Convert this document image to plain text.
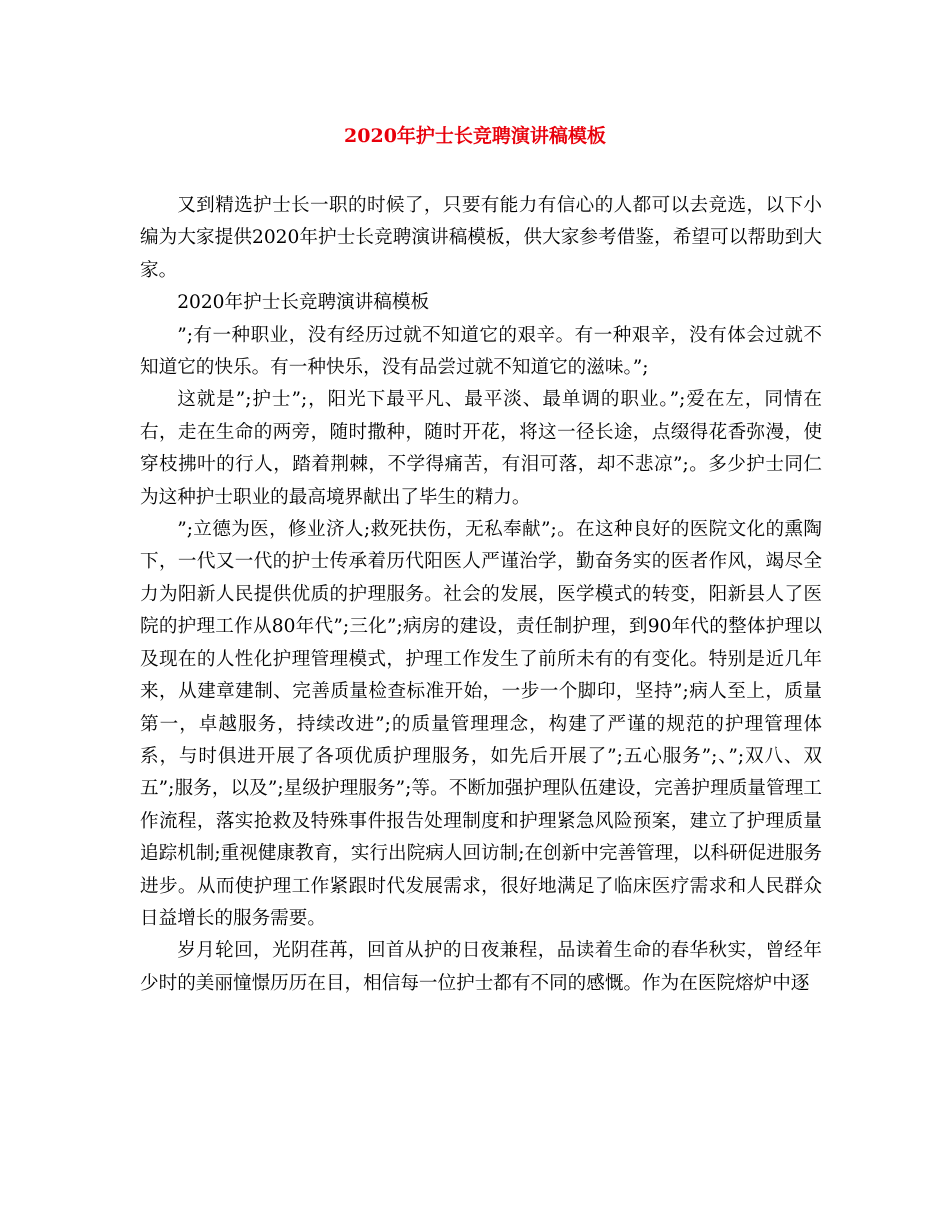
2020年护士长竞聘演讲稿模板

又到精选护士长一职的时候了，只要有能力有信心的人都可以去竞选，以下小编为大家提供2020年护士长竞聘演讲稿模板，供大家参考借鉴，希望可以帮助到大家。

2020年护士长竞聘演讲稿模板

”;有一种职业，没有经历过就不知道它的艰辛。有一种艰辛，没有体会过就不知道它的快乐。有一种快乐，没有品尝过就不知道它的滋味。”;

这就是”;护士”;，阳光下最平凡、最平淡、最单调的职业。”;爱在左，同情在右，走在生命的两旁，随时撒种，随时开花，将这一径长途，点缀得花香弥漫，使穿枝拂叶的行人，踏着荆棘，不学得痛苦，有泪可落，却不悲凉”;。多少护士同仁为这种护士职业的最高境界献出了毕生的精力。

”;立德为医，修业济人;救死扶伤，无私奉献”;。在这种良好的医院文化的熏陶下，一代又一代的护士传承着历代阳医人严谨治学，勤奋务实的医者作风，竭尽全力为阳新人民提供优质的护理服务。社会的发展，医学模式的转变，阳新县人了医院的护理工作从80年代”;三化”;病房的建设，责任制护理，到90年代的整体护理以及现在的人性化护理管理模式，护理工作发生了前所未有的有变化。特别是近几年来，从建章建制、完善质量检查标准开始，一步一个脚印，坚持”;病人至上，质量第一，卓越服务，持续改进”;的质量管理理念，构建了严谨的规范的护理管理体系，与时俱进开展了各项优质护理服务，如先后开展了”;五心服务”;、”;双八、双五”;服务，以及”;星级护理服务”;等。不断加强护理队伍建设，完善护理质量管理工作流程，落实抢救及特殊事件报告处理制度和护理紧急风险预案，建立了护理质量追踪机制;重视健康教育，实行出院病人回访制;在创新中完善管理，以科研促进服务进步。从而使护理工作紧跟时代发展需求，很好地满足了临床医疗需求和人民群众日益增长的服务需要。

岁月轮回，光阴荏苒，回首从护的日夜兼程，品读着生命的春华秋实，曾经年少时的美丽憧憬历历在目，相信每一位护士都有不同的感慨。作为在医院熔炉中逐
